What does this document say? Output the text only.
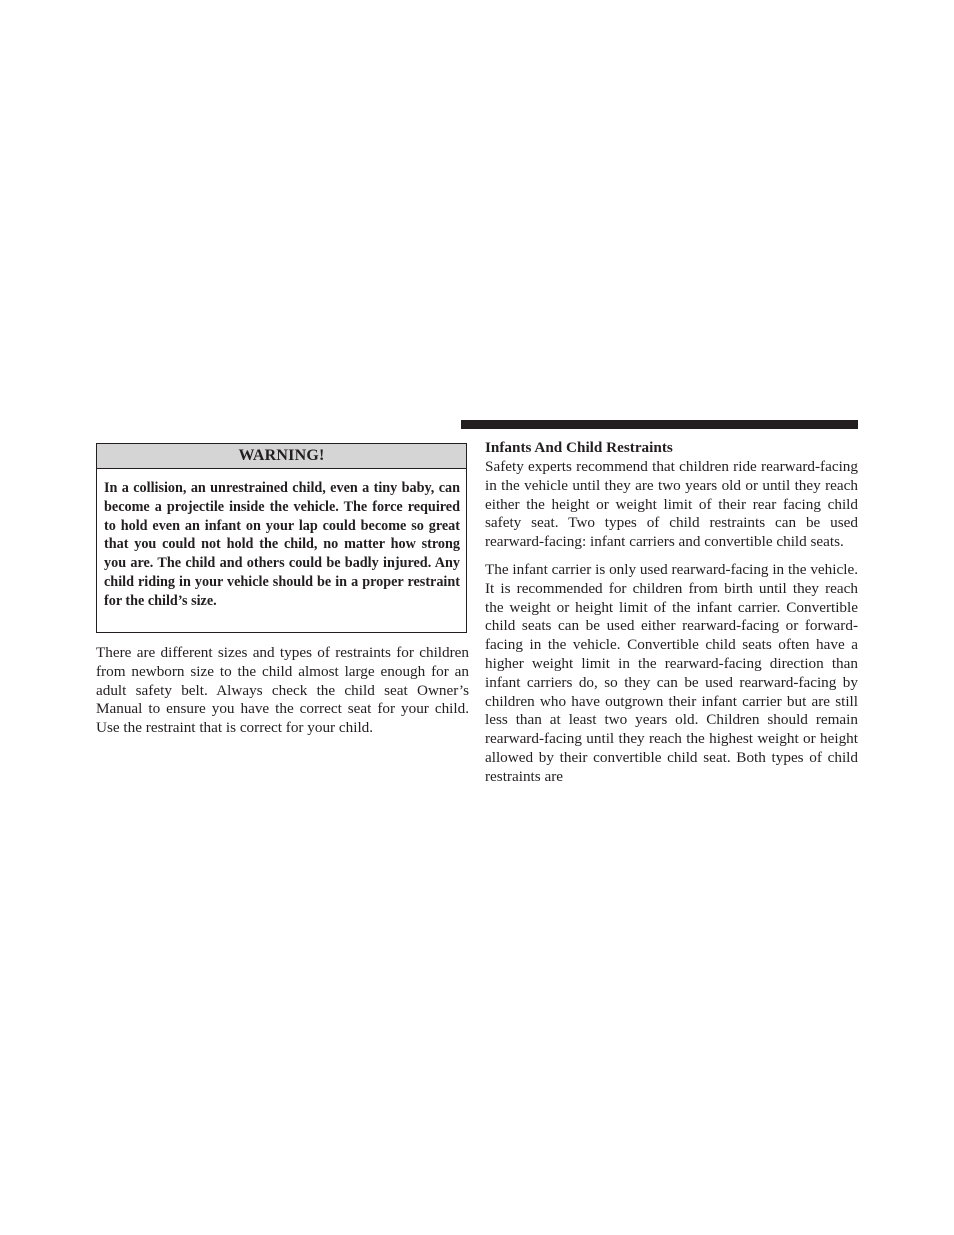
WARNING!
In a collision, an unrestrained child, even a tiny baby, can become a projectile inside the vehicle. The force required to hold even an infant on your lap could become so great that you could not hold the child, no matter how strong you are. The child and others could be badly injured. Any child riding in your vehicle should be in a proper restraint for the child’s size.

There are different sizes and types of restraints for children from newborn size to the child almost large enough for an adult safety belt. Always check the child seat Owner’s Manual to ensure you have the correct seat for your child. Use the restraint that is correct for your child.

Infants And Child Restraints

Safety experts recommend that children ride rearward-facing in the vehicle until they are two years old or until they reach either the height or weight limit of their rear facing child safety seat. Two types of child restraints can be used rearward-facing: infant carriers and convertible child seats.

The infant carrier is only used rearward-facing in the vehicle. It is recommended for children from birth until they reach the weight or height limit of the infant carrier. Convertible child seats can be used either rearward-facing or forward-facing in the vehicle. Convertible child seats often have a higher weight limit in the rearward-facing direction than infant carriers do, so they can be used rearward-facing by children who have outgrown their infant carrier but are still less than at least two years old. Children should remain rearward-facing until they reach the highest weight or height allowed by their convertible child seat. Both types of child restraints are
